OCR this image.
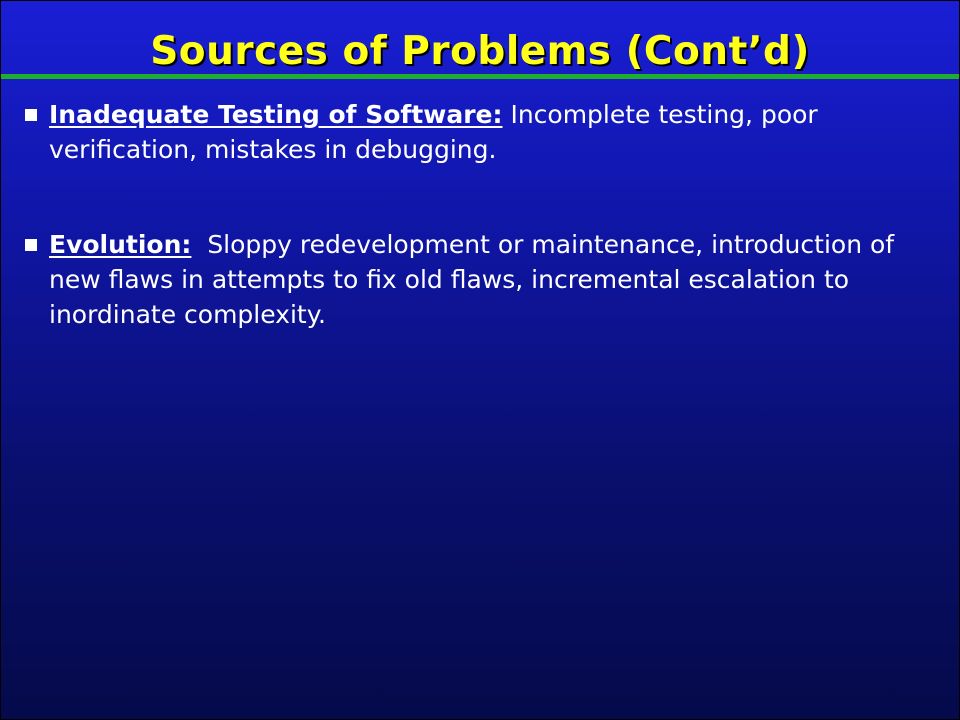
Sources of Problems (Cont’d)
Inadequate Testing of Software: Incomplete testing, poor verification, mistakes in debugging.
Evolution:  Sloppy redevelopment or maintenance, introduction of new flaws in attempts to fix old flaws, incremental escalation to inordinate complexity.
